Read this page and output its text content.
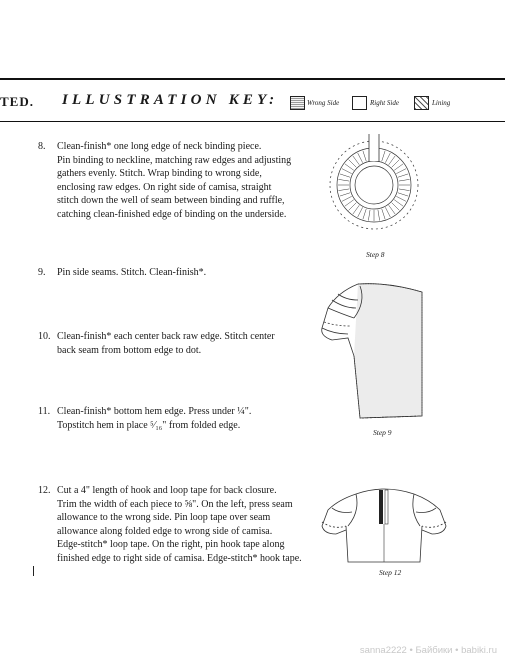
TED. ILLUSTRATION KEY:	Wrong Side	Right Side	Lining
8. Clean-finish* one long edge of neck binding piece.
Pin binding to neckline, matching raw edges and adjusting
gathers evenly. Stitch. Wrap binding to wrong side,
enclosing raw edges. On right side of camisa, straight
stitch down the well of seam between binding and ruffle,
catching clean-finished edge of binding on the underside.
9. Pin side seams. Stitch. Clean-finish*.
10. Clean-finish* each center back raw edge. Stitch center
back seam from bottom edge to dot.
11. Clean-finish* bottom hem edge. Press under ¼".
Topstitch hem in place ⁵⁄₁₆" from folded edge.
12. Cut a 4" length of hook and loop tape for back closure.
Trim the width of each piece to ⅝". On the left, press seam
allowance to the wrong side. Pin loop tape over seam
allowance along folded edge to wrong side of camisa.
Edge-stitch* loop tape. On the right, pin hook tape along
finished edge to right side of camisa. Edge-stitch* hook tape.
Step 8
Step 9
Step 12
sanna2222 • Байбики • babiki.ru
